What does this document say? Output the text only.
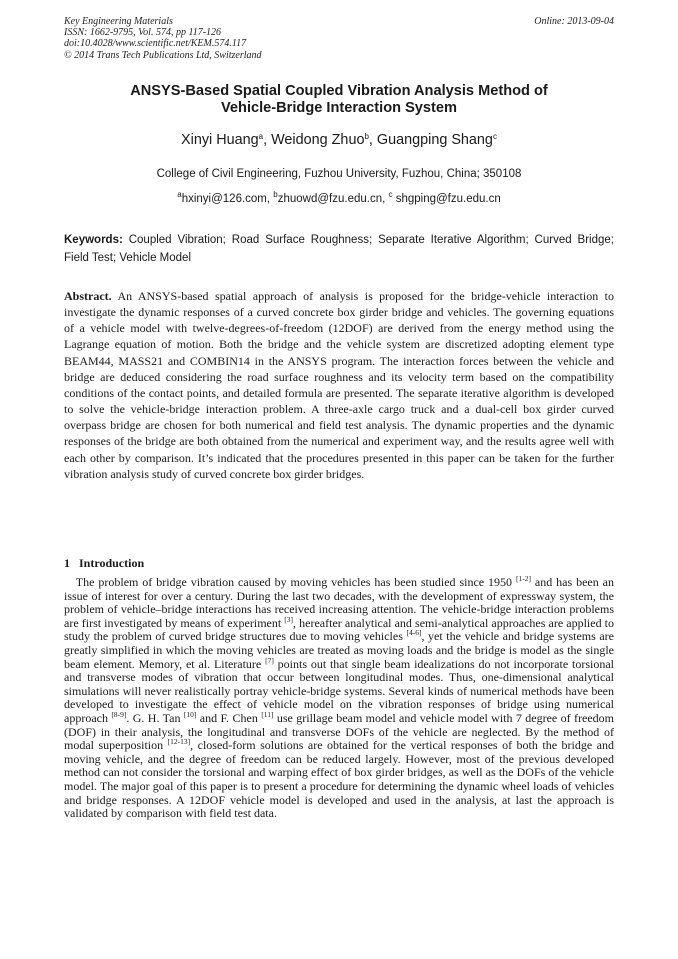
Key Engineering Materials
ISSN: 1662-9795, Vol. 574, pp 117-126
doi:10.4028/www.scientific.net/KEM.574.117
© 2014 Trans Tech Publications Ltd, Switzerland
Online: 2013-09-04
ANSYS-Based Spatial Coupled Vibration Analysis Method of
Vehicle-Bridge Interaction System
Xinyi Huang$^a$, Weidong Zhuo$^b$, Guangping Shang$^c$
College of Civil Engineering, Fuzhou University, Fuzhou, China; 350108
$^a$hxinyi@126.com, $^b$zhuowd@fzu.edu.cn, $^c$ shgping@fzu.edu.cn
Keywords: Coupled Vibration; Road Surface Roughness; Separate Iterative Algorithm; Curved Bridge; Field Test; Vehicle Model
Abstract. An ANSYS-based spatial approach of analysis is proposed for the bridge-vehicle interaction to investigate the dynamic responses of a curved concrete box girder bridge and vehicles. The governing equations of a vehicle model with twelve-degrees-of-freedom (12DOF) are derived from the energy method using the Lagrange equation of motion. Both the bridge and the vehicle system are discretized adopting element type BEAM44, MASS21 and COMBIN14 in the ANSYS program. The interaction forces between the vehicle and bridge are deduced considering the road surface roughness and its velocity term based on the compatibility conditions of the contact points, and detailed formula are presented. The separate iterative algorithm is developed to solve the vehicle-bridge interaction problem. A three-axle cargo truck and a dual-cell box girder curved overpass bridge are chosen for both numerical and field test analysis. The dynamic properties and the dynamic responses of the bridge are both obtained from the numerical and experiment way, and the results agree well with each other by comparison. It’s indicated that the procedures presented in this paper can be taken for the further vibration analysis study of curved concrete box girder bridges.
1 Introduction
The problem of bridge vibration caused by moving vehicles has been studied since 1950 [1-2] and has been an issue of interest for over a century. During the last two decades, with the development of expressway system, the problem of vehicle–bridge interactions has received increasing attention. The vehicle-bridge interaction problems are first investigated by means of experiment [3], hereafter analytical and semi-analytical approaches are applied to study the problem of curved bridge structures due to moving vehicles [4-6], yet the vehicle and bridge systems are greatly simplified in which the moving vehicles are treated as moving loads and the bridge is model as the single beam element. Memory, et al. Literature [7] points out that single beam idealizations do not incorporate torsional and transverse modes of vibration that occur between longitudinal modes. Thus, one-dimensional analytical simulations will never realistically portray vehicle-bridge systems. Several kinds of numerical methods have been developed to investigate the effect of vehicle model on the vibration responses of bridge using numerical approach [8-9]. G. H. Tan [10] and F. Chen [11] use grillage beam model and vehicle model with 7 degree of freedom (DOF) in their analysis, the longitudinal and transverse DOFs of the vehicle are neglected. By the method of modal superposition [12-13], closed-form solutions are obtained for the vertical responses of both the bridge and moving vehicle, and the degree of freedom can be reduced largely. However, most of the previous developed method can not consider the torsional and warping effect of box girder bridges, as well as the DOFs of the vehicle model. The major goal of this paper is to present a procedure for determining the dynamic wheel loads of vehicles and bridge responses. A 12DOF vehicle model is developed and used in the analysis, at last the approach is validated by comparison with field test data.
